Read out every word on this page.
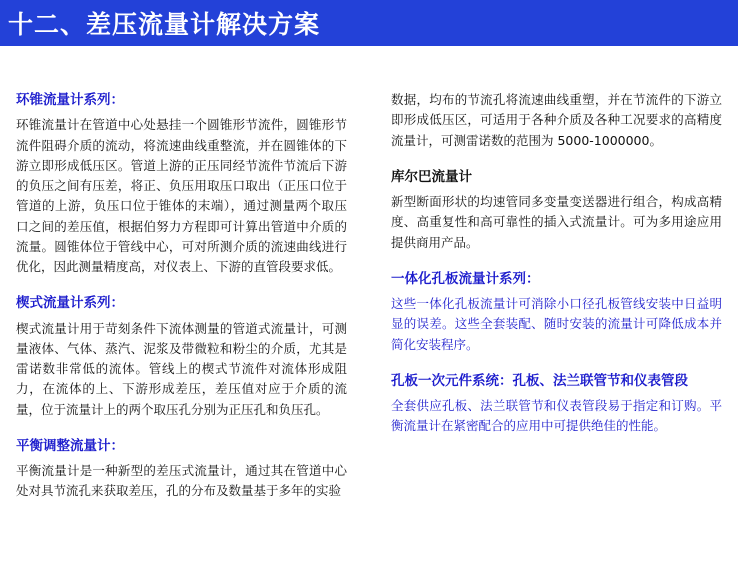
十二、差压流量计解决方案
环锥流量计系列：

环锥流量计在管道中心处悬挂一个圆锥形节流件，圆锥形节流件阻碍介质的流动，将流速曲线重整流，并在圆锥体的下游立即形成低压区。管道上游的正压同经节流件节流后下游的负压之间有压差，将正、负压用取压口取出（正压口位于管道的上游，负压口位于锥体的末端），通过测量两个取压口之间的差压值，根据伯努力方程即可计算出管道中介质的流量。圆锥体位于管线中心，可对所测介质的流速曲线进行优化，因此测量精度高，对仪表上、下游的直管段要求低。

楔式流量计系列：

楔式流量计用于苛刻条件下流体测量的管道式流量计，可测量液体、气体、蒸汽、泥浆及带微粒和粉尘的介质，尤其是雷诺数非常低的流体。管线上的楔式节流件对流体形成阻力，在流体的上、下游形成差压，差压值对应于介质的流量，位于流量计上的两个取压孔分别为正压孔和负压孔。

平衡调整流量计：

平衡流量计是一种新型的差压式流量计，通过其在管道中心处对具节流孔来获取差压，孔的分布及数量基于多年的实验

数据，均布的节流孔将流速曲线重塑，并在节流件的下游立即形成低压区，可适用于各种介质及各种工况要求的高精度流量计，可测雷诺数的范围为 5000-1000000。

库尔巴流量计

新型断面形状的均速管同多变量变送器进行组合，构成高精度、高重复性和高可靠性的插入式流量计。可为多用途应用提供商用产品。

一体化孔板流量计系列：

这些一体化孔板流量计可消除小口径孔板管线安装中日益明显的误差。这些全套装配、随时安装的流量计可降低成本并简化安装程序。

孔板一次元件系统：孔板、法兰联管节和仪表管段

全套供应孔板、法兰联管节和仪表管段易于指定和订购。平衡流量计在紧密配合的应用中可提供绝佳的性能。
